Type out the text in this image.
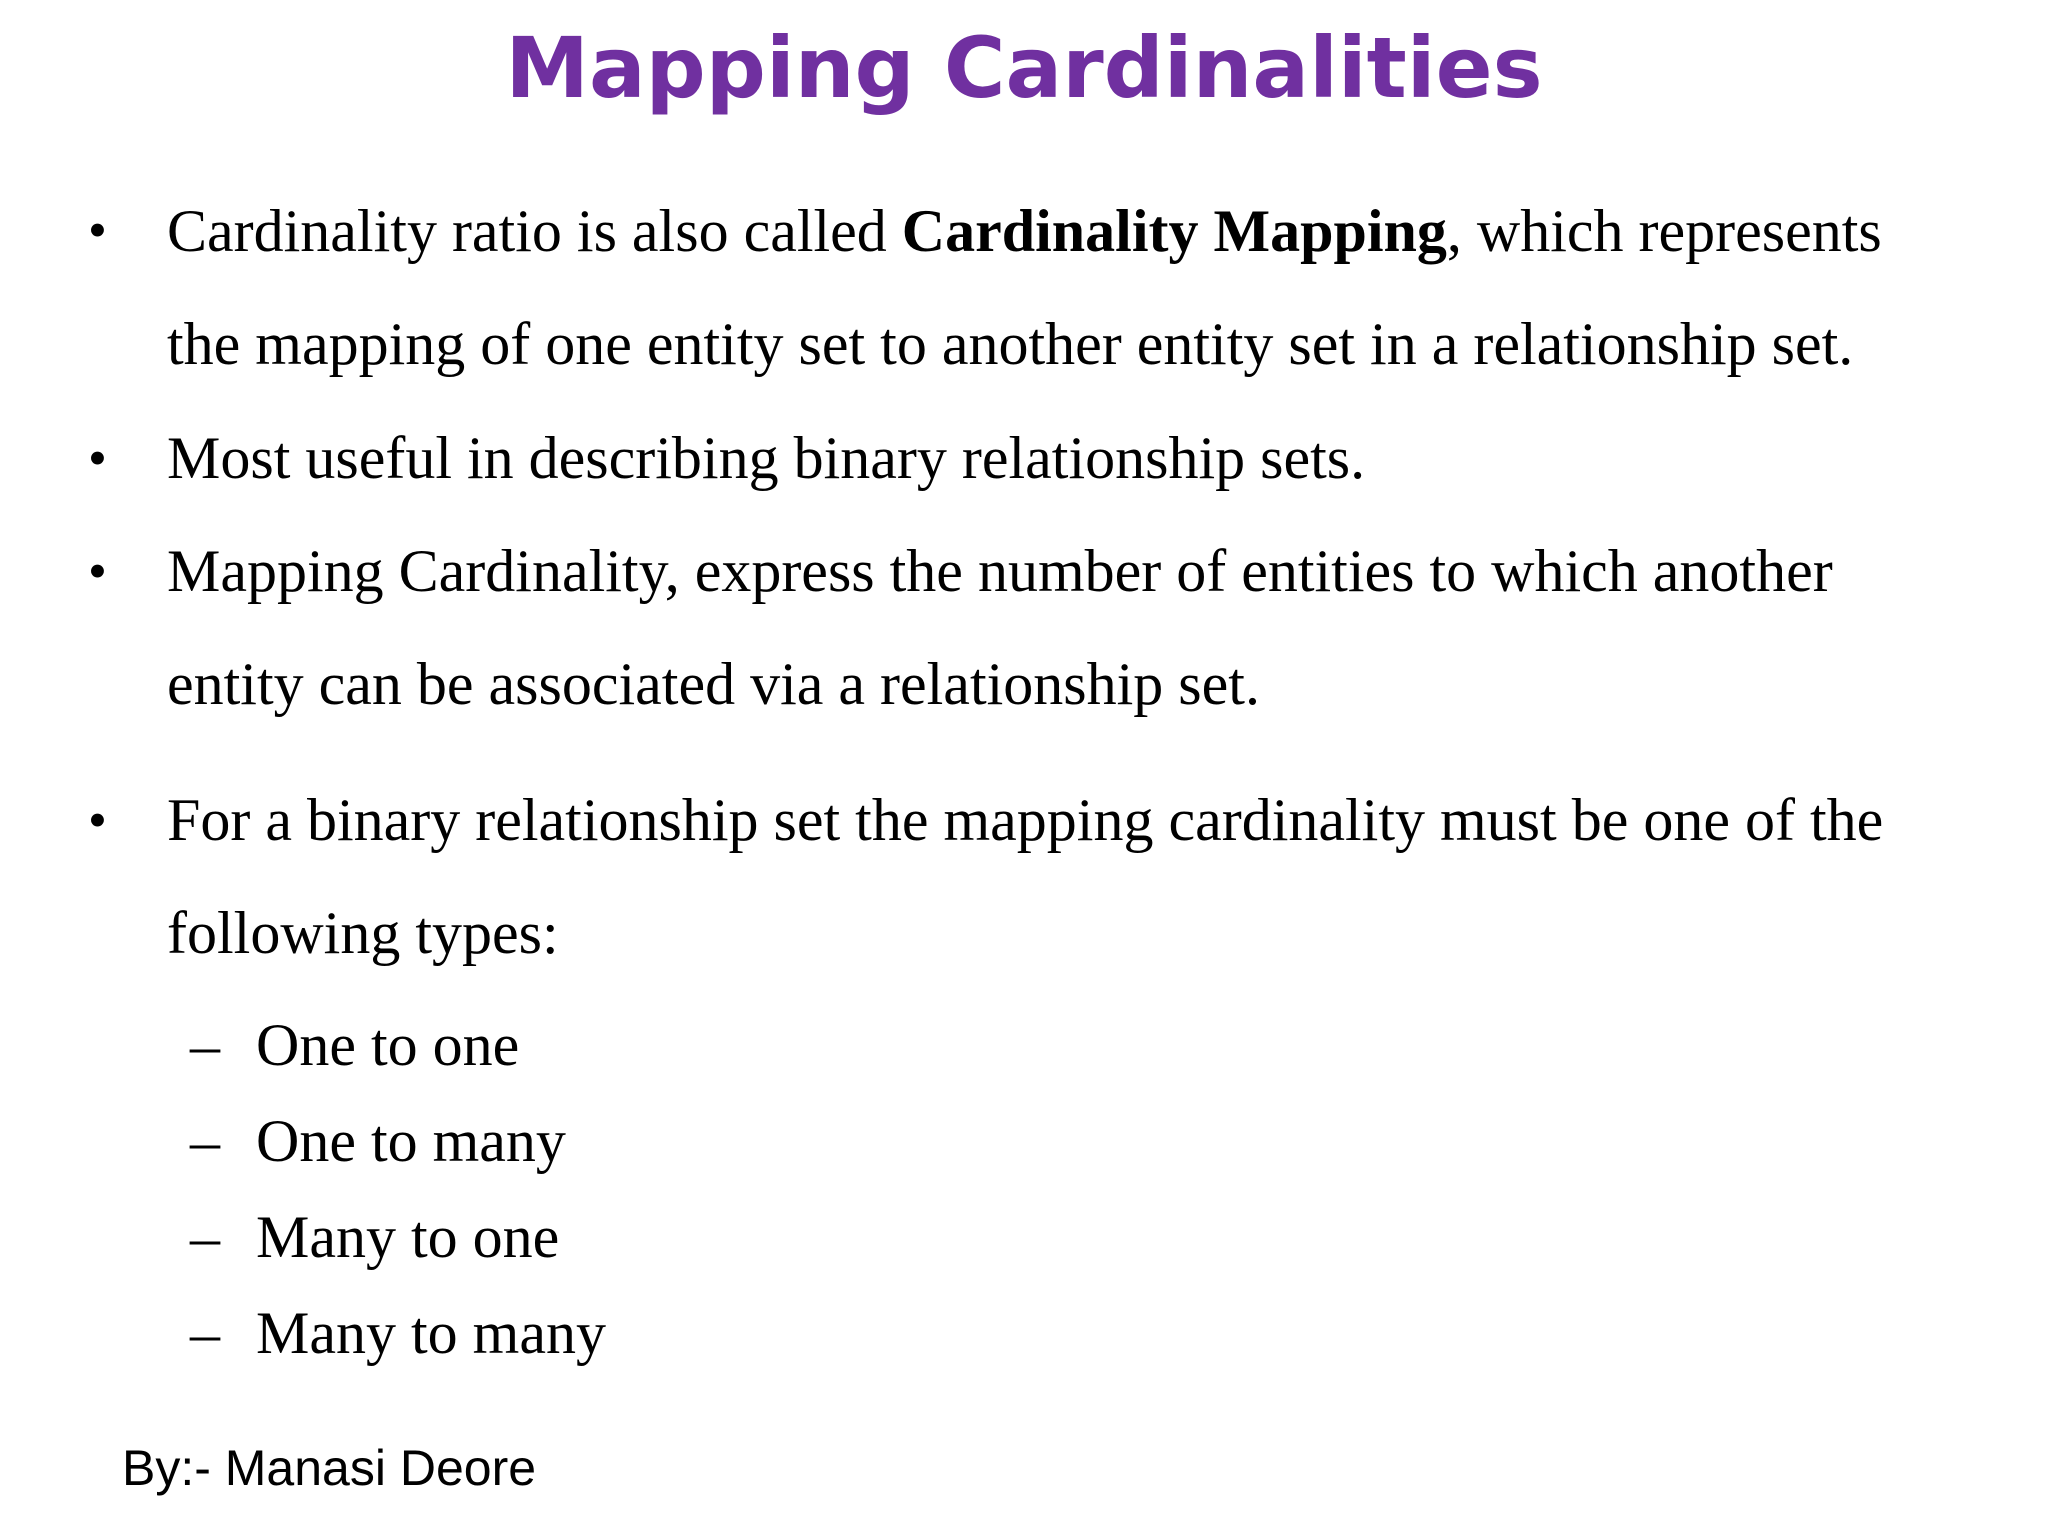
Mapping Cardinalities
• Cardinality ratio is also called Cardinality Mapping, which represents
the mapping of one entity set to another entity set in a relationship set.
• Most useful in describing binary relationship sets.
• Mapping Cardinality, express the number of entities to which another
entity can be associated via a relationship set.
• For a binary relationship set the mapping cardinality must be one of the
following types:
– One to one
– One to many
– Many to one
– Many to many
By:- Manasi Deore
